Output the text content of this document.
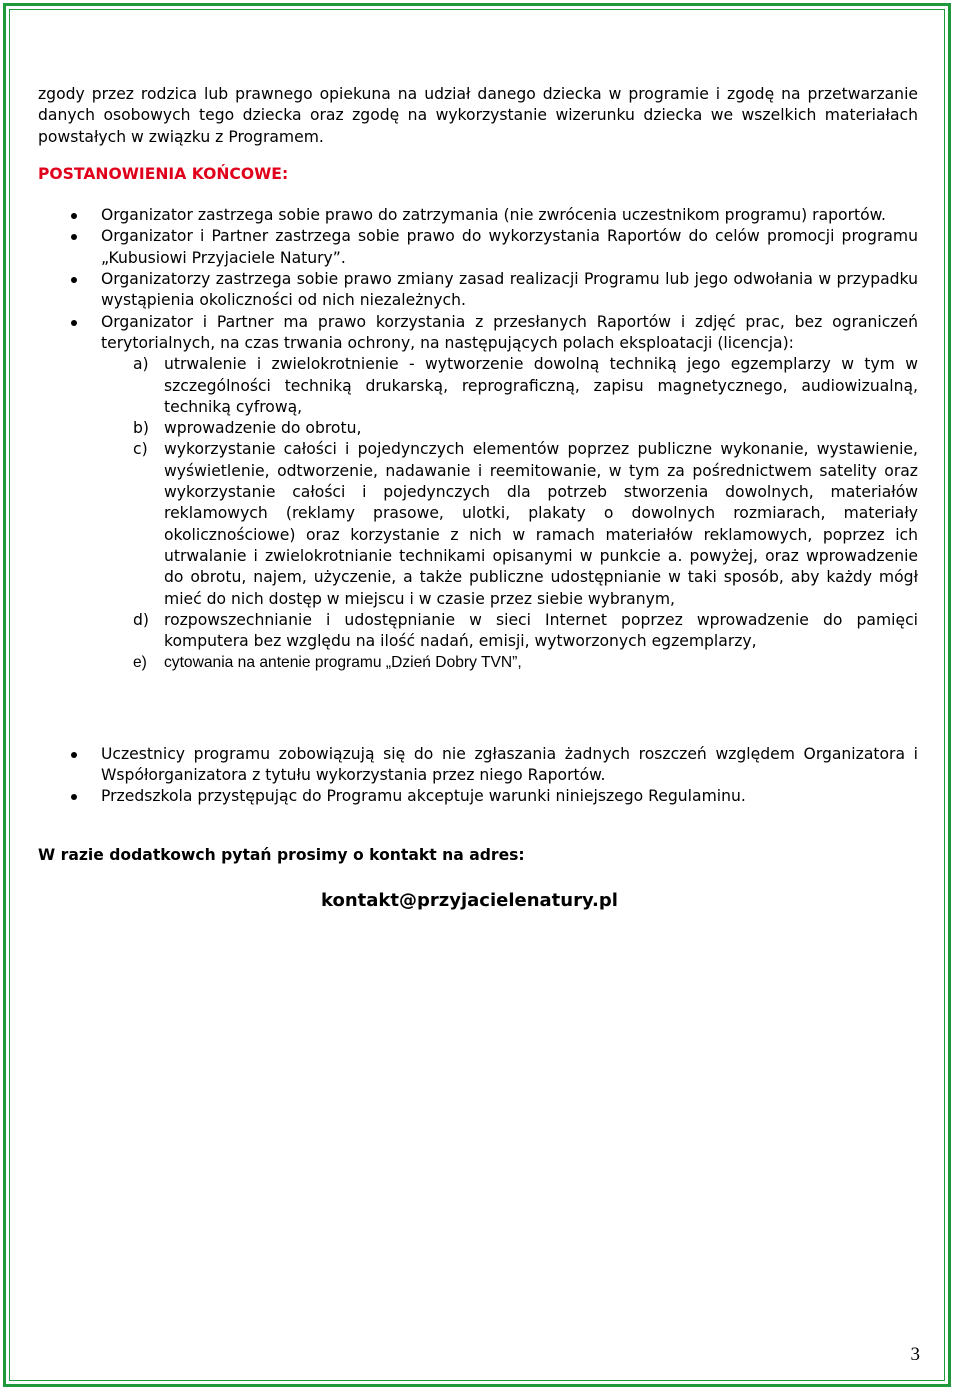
zgody przez rodzica lub prawnego opiekuna na udział danego dziecka w programie i zgodę na przetwarzanie danych osobowych tego dziecka oraz zgodę na wykorzystanie wizerunku dziecka we wszelkich materiałach powstałych w związku z Programem.

POSTANOWIENIA KOŃCOWE:
Organizator zastrzega sobie prawo do zatrzymania (nie zwrócenia uczestnikom programu) raportów.
Organizator i Partner zastrzega sobie prawo do wykorzystania Raportów do celów promocji programu „Kubusiowi Przyjaciele Natury”.
Organizatorzy zastrzega sobie prawo zmiany zasad realizacji Programu lub jego odwołania w przypadku wystąpienia okoliczności od nich niezależnych.
Organizator i Partner ma prawo korzystania z przesłanych Raportów i zdjęć prac, bez ograniczeń terytorialnych, na czas trwania ochrony, na następujących polach eksploatacji (licencja):
a) utrwalenie i zwielokrotnienie - wytworzenie dowolną techniką jego egzemplarzy w tym w szczególności techniką drukarską, reprograficzną, zapisu magnetycznego, audiowizualną, techniką cyfrową,
b) wprowadzenie do obrotu,
c) wykorzystanie całości i pojedynczych elementów poprzez publiczne wykonanie, wystawienie, wyświetlenie, odtworzenie, nadawanie i reemitowanie, w tym za pośrednictwem satelity oraz wykorzystanie całości i pojedynczych dla potrzeb stworzenia dowolnych, materiałów reklamowych (reklamy prasowe, ulotki, plakaty o dowolnych rozmiarach, materiały okolicznościowe) oraz korzystanie z nich w ramach materiałów reklamowych, poprzez ich utrwalanie i zwielokrotnianie technikami opisanymi w punkcie a. powyżej, oraz wprowadzenie do obrotu, najem, użyczenie, a także publiczne udostępnianie w taki sposób, aby każdy mógł mieć do nich dostęp w miejscu i w czasie przez siebie wybranym,
d) rozpowszechnianie i udostępnianie w sieci Internet poprzez wprowadzenie do pamięci komputera bez względu na ilość nadań, emisji, wytworzonych egzemplarzy,
e) cytowania na antenie programu „Dzień Dobry TVN”,
Uczestnicy programu zobowiązują się do nie zgłaszania żadnych roszczeń względem Organizatora i Współorganizatora z tytułu wykorzystania przez niego Raportów.
Przedszkola przystępując do Programu akceptuje warunki niniejszego Regulaminu.
W razie dodatkowch pytań prosimy o kontakt na adres:
kontakt@przyjacielenatury.pl
3
